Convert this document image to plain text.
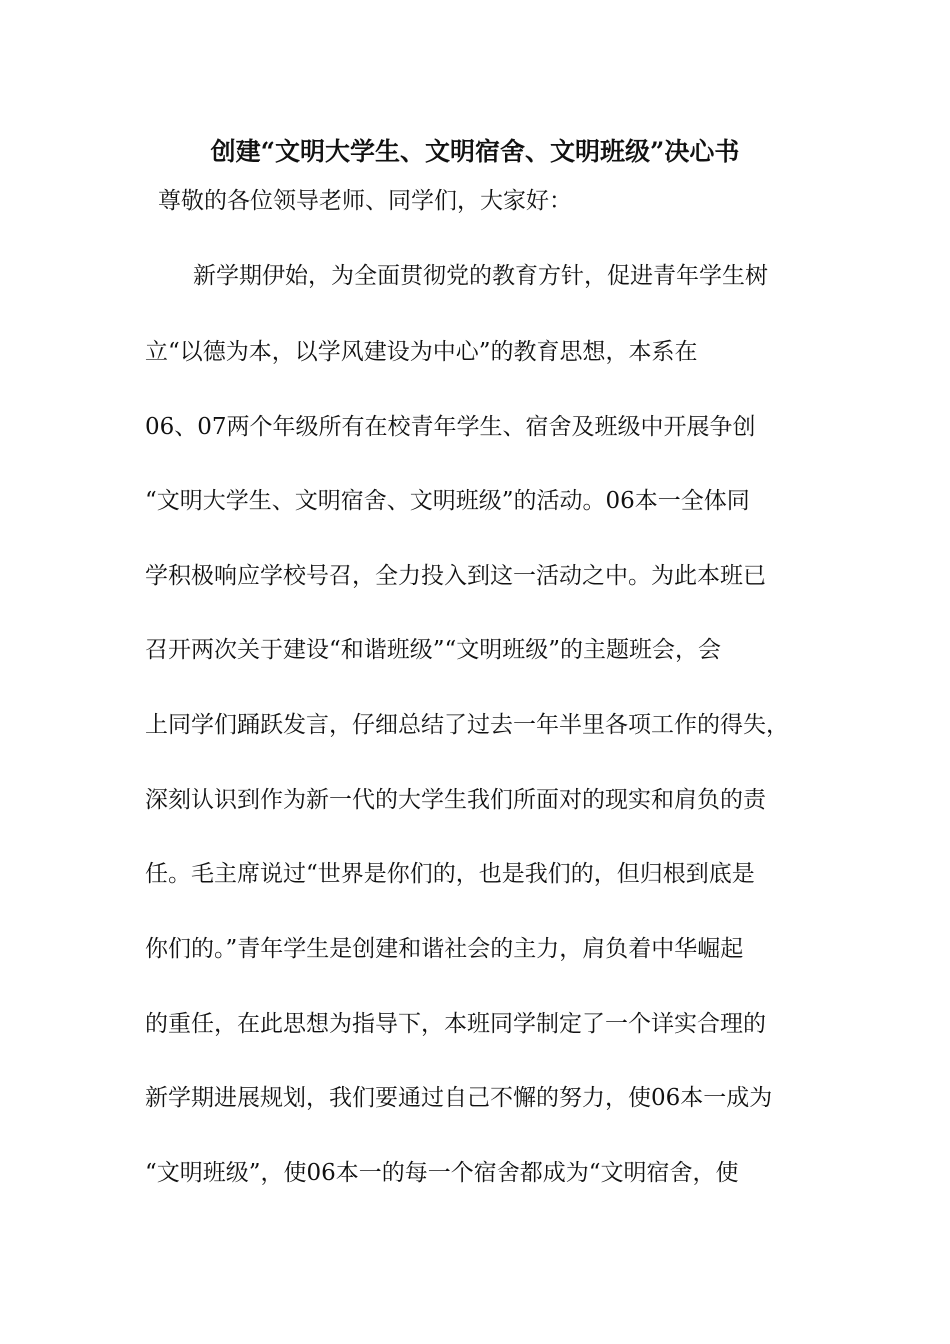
创建“文明大学生、文明宿舍、文明班级”决心书
尊敬的各位领导老师、同学们，大家好：
新学期伊始，为全面贯彻党的教育方针，促进青年学生树
立“以德为本，以学风建设为中心”的教育思想，本系在
06、07两个年级所有在校青年学生、宿舍及班级中开展争创
“文明大学生、文明宿舍、文明班级”的活动。06本一全体同
学积极响应学校号召，全力投入到这一活动之中。为此本班已
召开两次关于建设“和谐班级”“文明班级”的主题班会，会
上同学们踊跃发言，仔细总结了过去一年半里各项工作的得失，
深刻认识到作为新一代的大学生我们所面对的现实和肩负的责
任。毛主席说过“世界是你们的，也是我们的，但归根到底是
你们的。”青年学生是创建和谐社会的主力，肩负着中华崛起
的重任，在此思想为指导下，本班同学制定了一个详实合理的
新学期进展规划，我们要通过自己不懈的努力，使06本一成为
“文明班级”，使06本一的每一个宿舍都成为“文明宿舍，使
